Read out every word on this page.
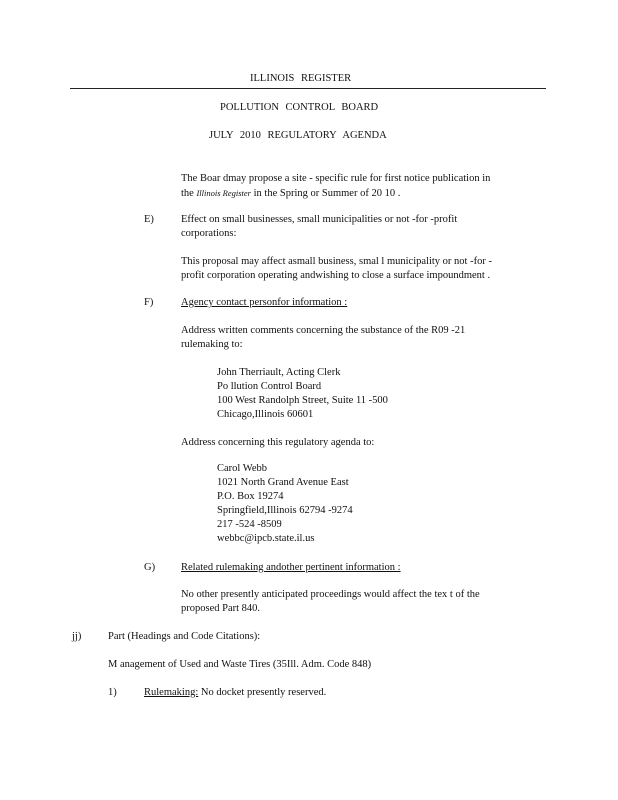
ILLINOIS REGISTER
POLLUTION CONTROL BOARD
JULY 2010 REGULATORY AGENDA
The Boar dmay propose a site - specific rule for first notice publication in
the Illinois Register in the Spring or Summer of 20 10 .
E)	Effect on small businesses, small municipalities or not -for -profit
corporations:
This proposal may affect asmall business, smal l municipality or not -for -
profit corporation operating andwishing to close a surface impoundment .
F)	Agency contact personfor information :
Address written comments concerning the substance of the R09 -21
rulemaking to:
John Therriault, Acting Clerk
Po llution Control Board
100 West Randolph Street, Suite 11 -500
Chicago,Illinois 60601
Address concerning this regulatory agenda to:
Carol Webb
1021 North Grand Avenue East
P.O. Box 19274
Springfield,Illinois 62794 -9274
217 -524 -8509
webbc@ipcb.state.il.us
G) Related rulemaking andother pertinent information :
No other presently anticipated proceedings would affect the tex t of the
proposed Part 840.
jj)	Part (Headings and Code Citations):
M anagement of Used and Waste Tires (35Ill. Adm. Code 848)
1)	Rulemaking: No docket presently reserved.
